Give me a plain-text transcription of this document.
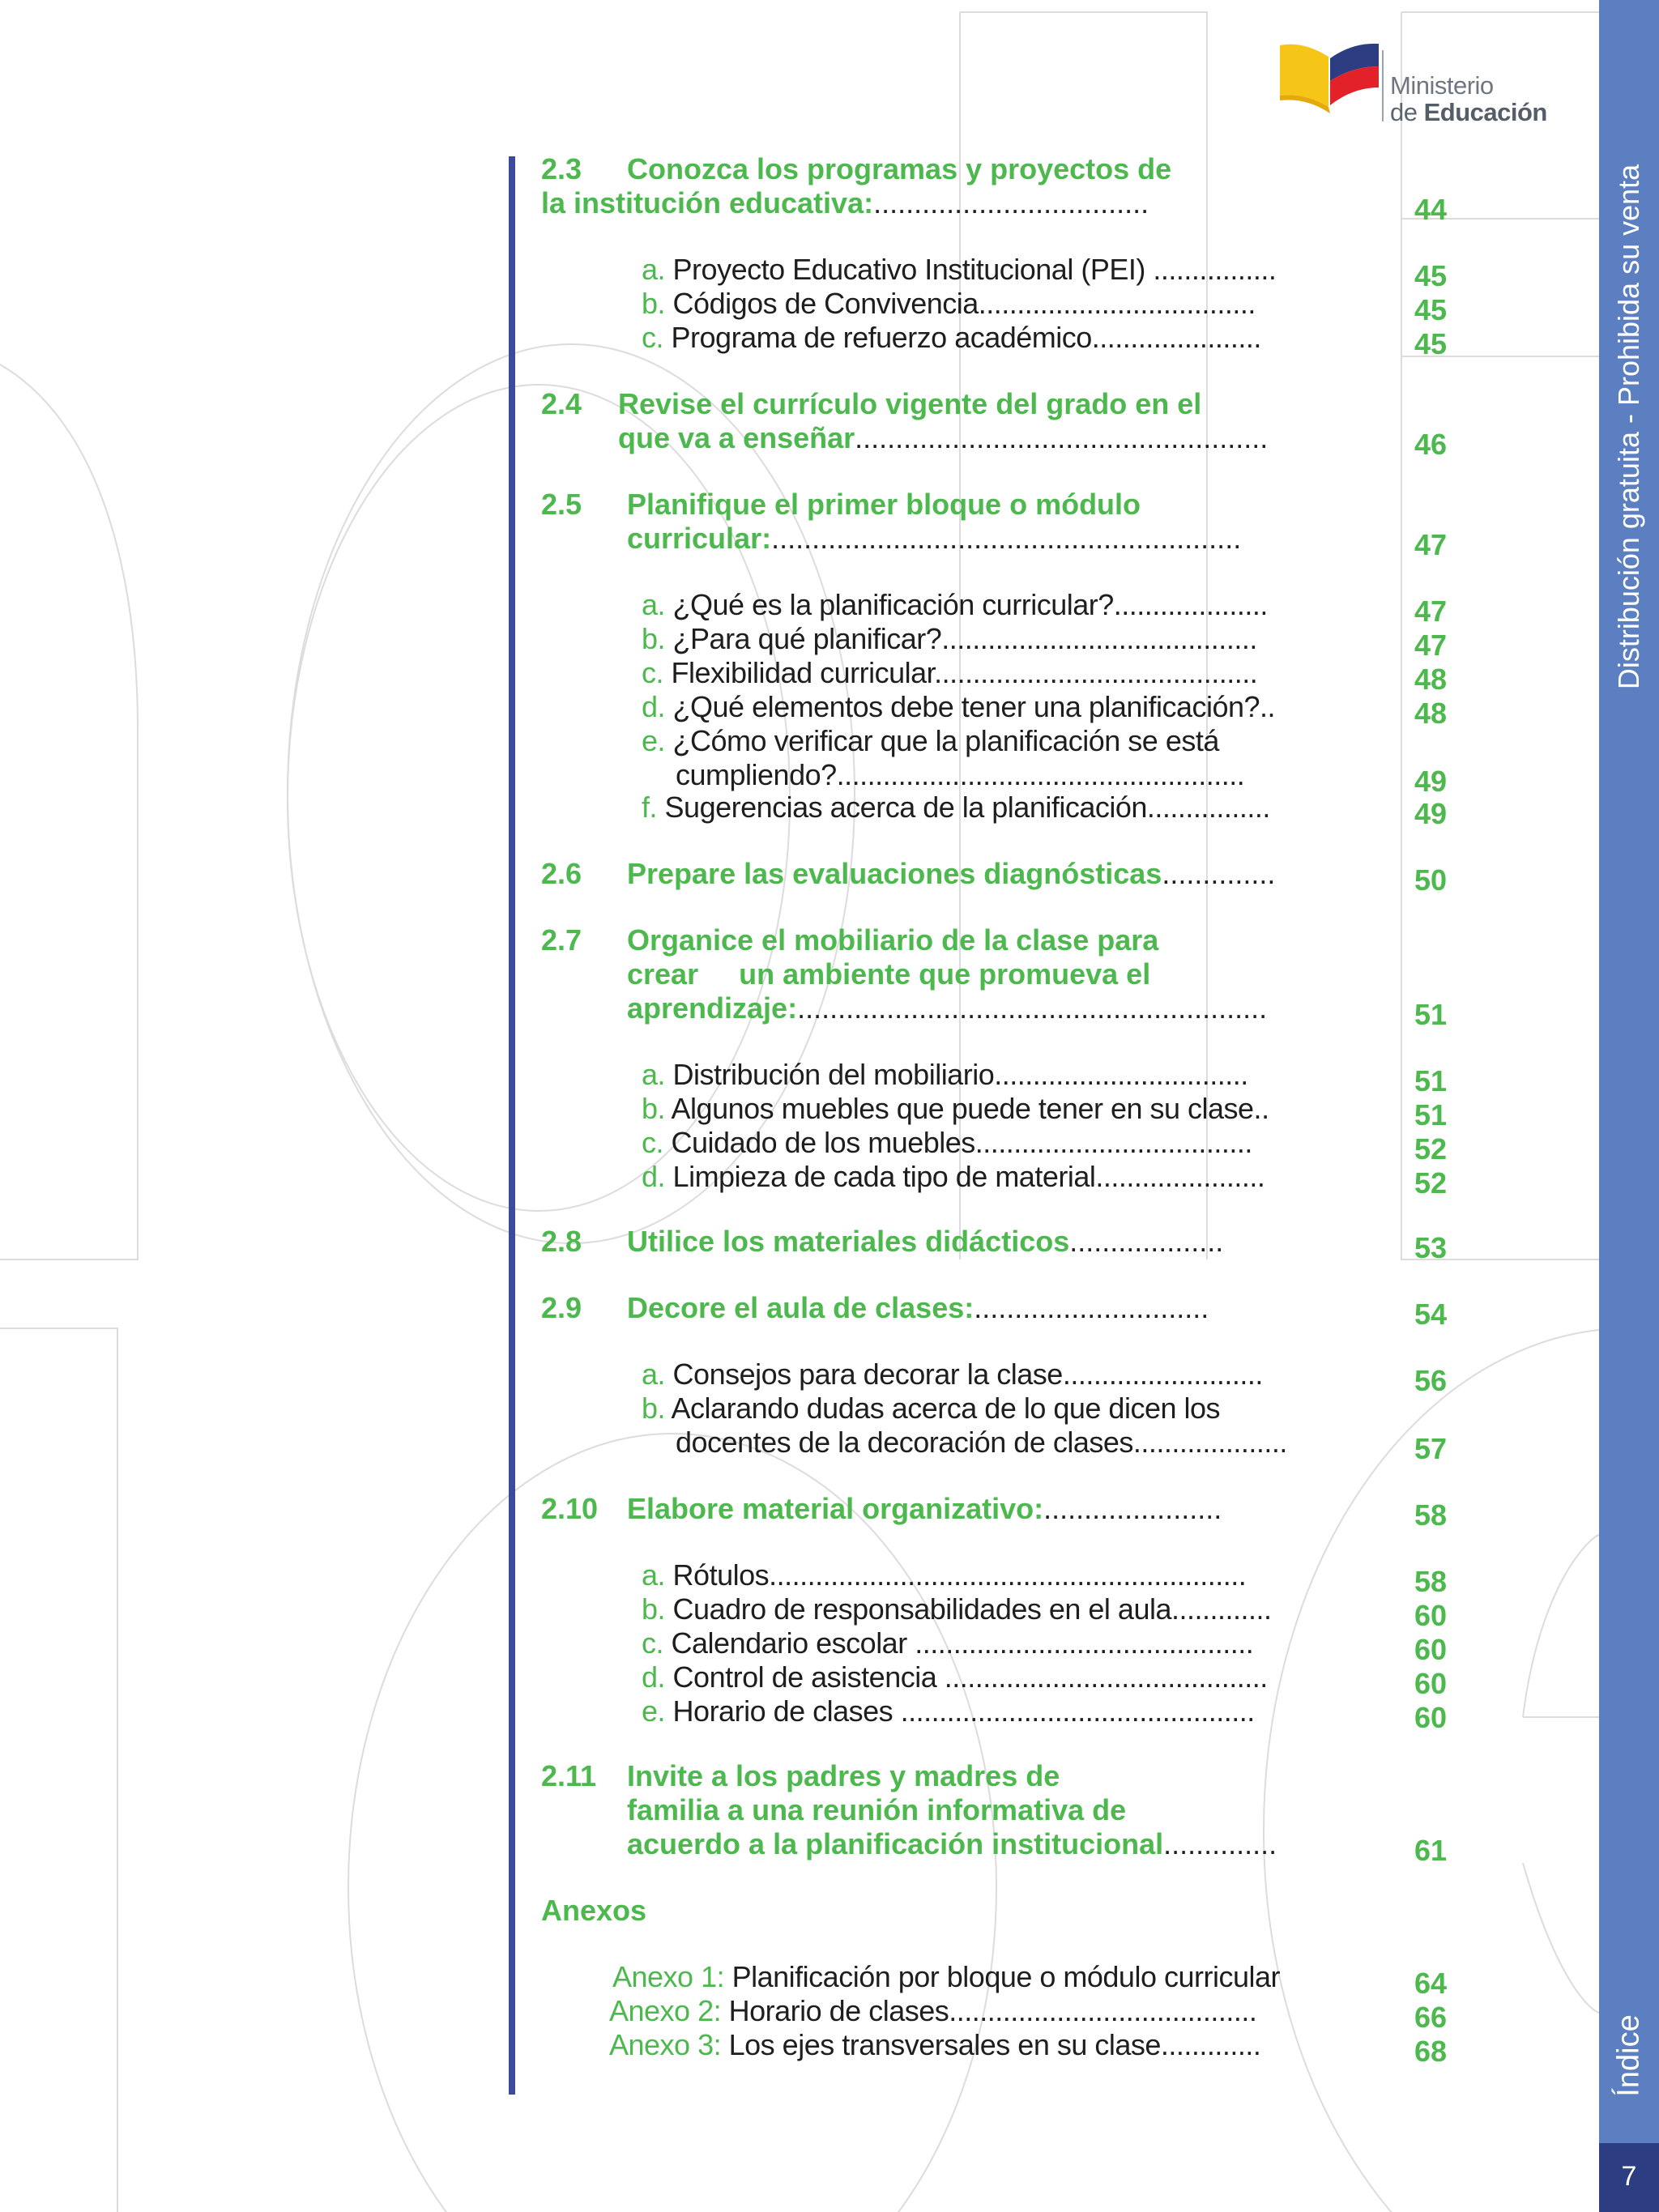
Ministerio
de Educación
Distribución gratuita - Prohibida su venta
Índice
7
2.3 Conozca los programas y proyectos de
la institución educativa:..................................	44
a. Proyecto Educativo Institucional (PEI) ................	45
b. Códigos de Convivencia....................................	45
c. Programa de refuerzo académico......................	45
2.4 Revise el currículo vigente del grado en el
que va a enseñar...................................................	46
2.5 Planifique el primer bloque o módulo
curricular:..........................................................	47
a. ¿Qué es la planificación curricular?....................	47
b. ¿Para qué planificar?.........................................	47
c. Flexibilidad curricular..........................................	48
d. ¿Qué elementos debe tener una planificación?..	48
e. ¿Cómo verificar que la planificación se está
cumpliendo?.....................................................	49
f. Sugerencias acerca de la planificación................	49
2.6 Prepare las evaluaciones diagnósticas..............	50
2.7 Organice el mobiliario de la clase para
crear     un ambiente que promueva el
aprendizaje:..........................................................	51
a. Distribución del mobiliario.................................	51
b. Algunos muebles que puede tener en su clase..	51
c. Cuidado de los muebles....................................	52
d. Limpieza de cada tipo de material......................	52
2.8 Utilice los materiales didácticos...................	53
2.9 Decore el aula de clases:.............................	54
a. Consejos para decorar la clase..........................	56
b. Aclarando dudas acerca de lo que dicen los
docentes de la decoración de clases....................	57
2.10 Elabore material organizativo:......................	58
a. Rótulos..............................................................	58
b. Cuadro de responsabilidades en el aula.............	60
c. Calendario escolar ............................................	60
d. Control de asistencia ..........................................	60
e. Horario de clases ..............................................	60
2.11 Invite a los padres y madres de
familia a una reunión informativa de
acuerdo a la planificación institucional..............	61
Anexos
Anexo 1: Planificación por bloque o módulo curricular	64
Anexo 2: Horario de clases........................................	66
Anexo 3: Los ejes transversales en su clase.............	68
